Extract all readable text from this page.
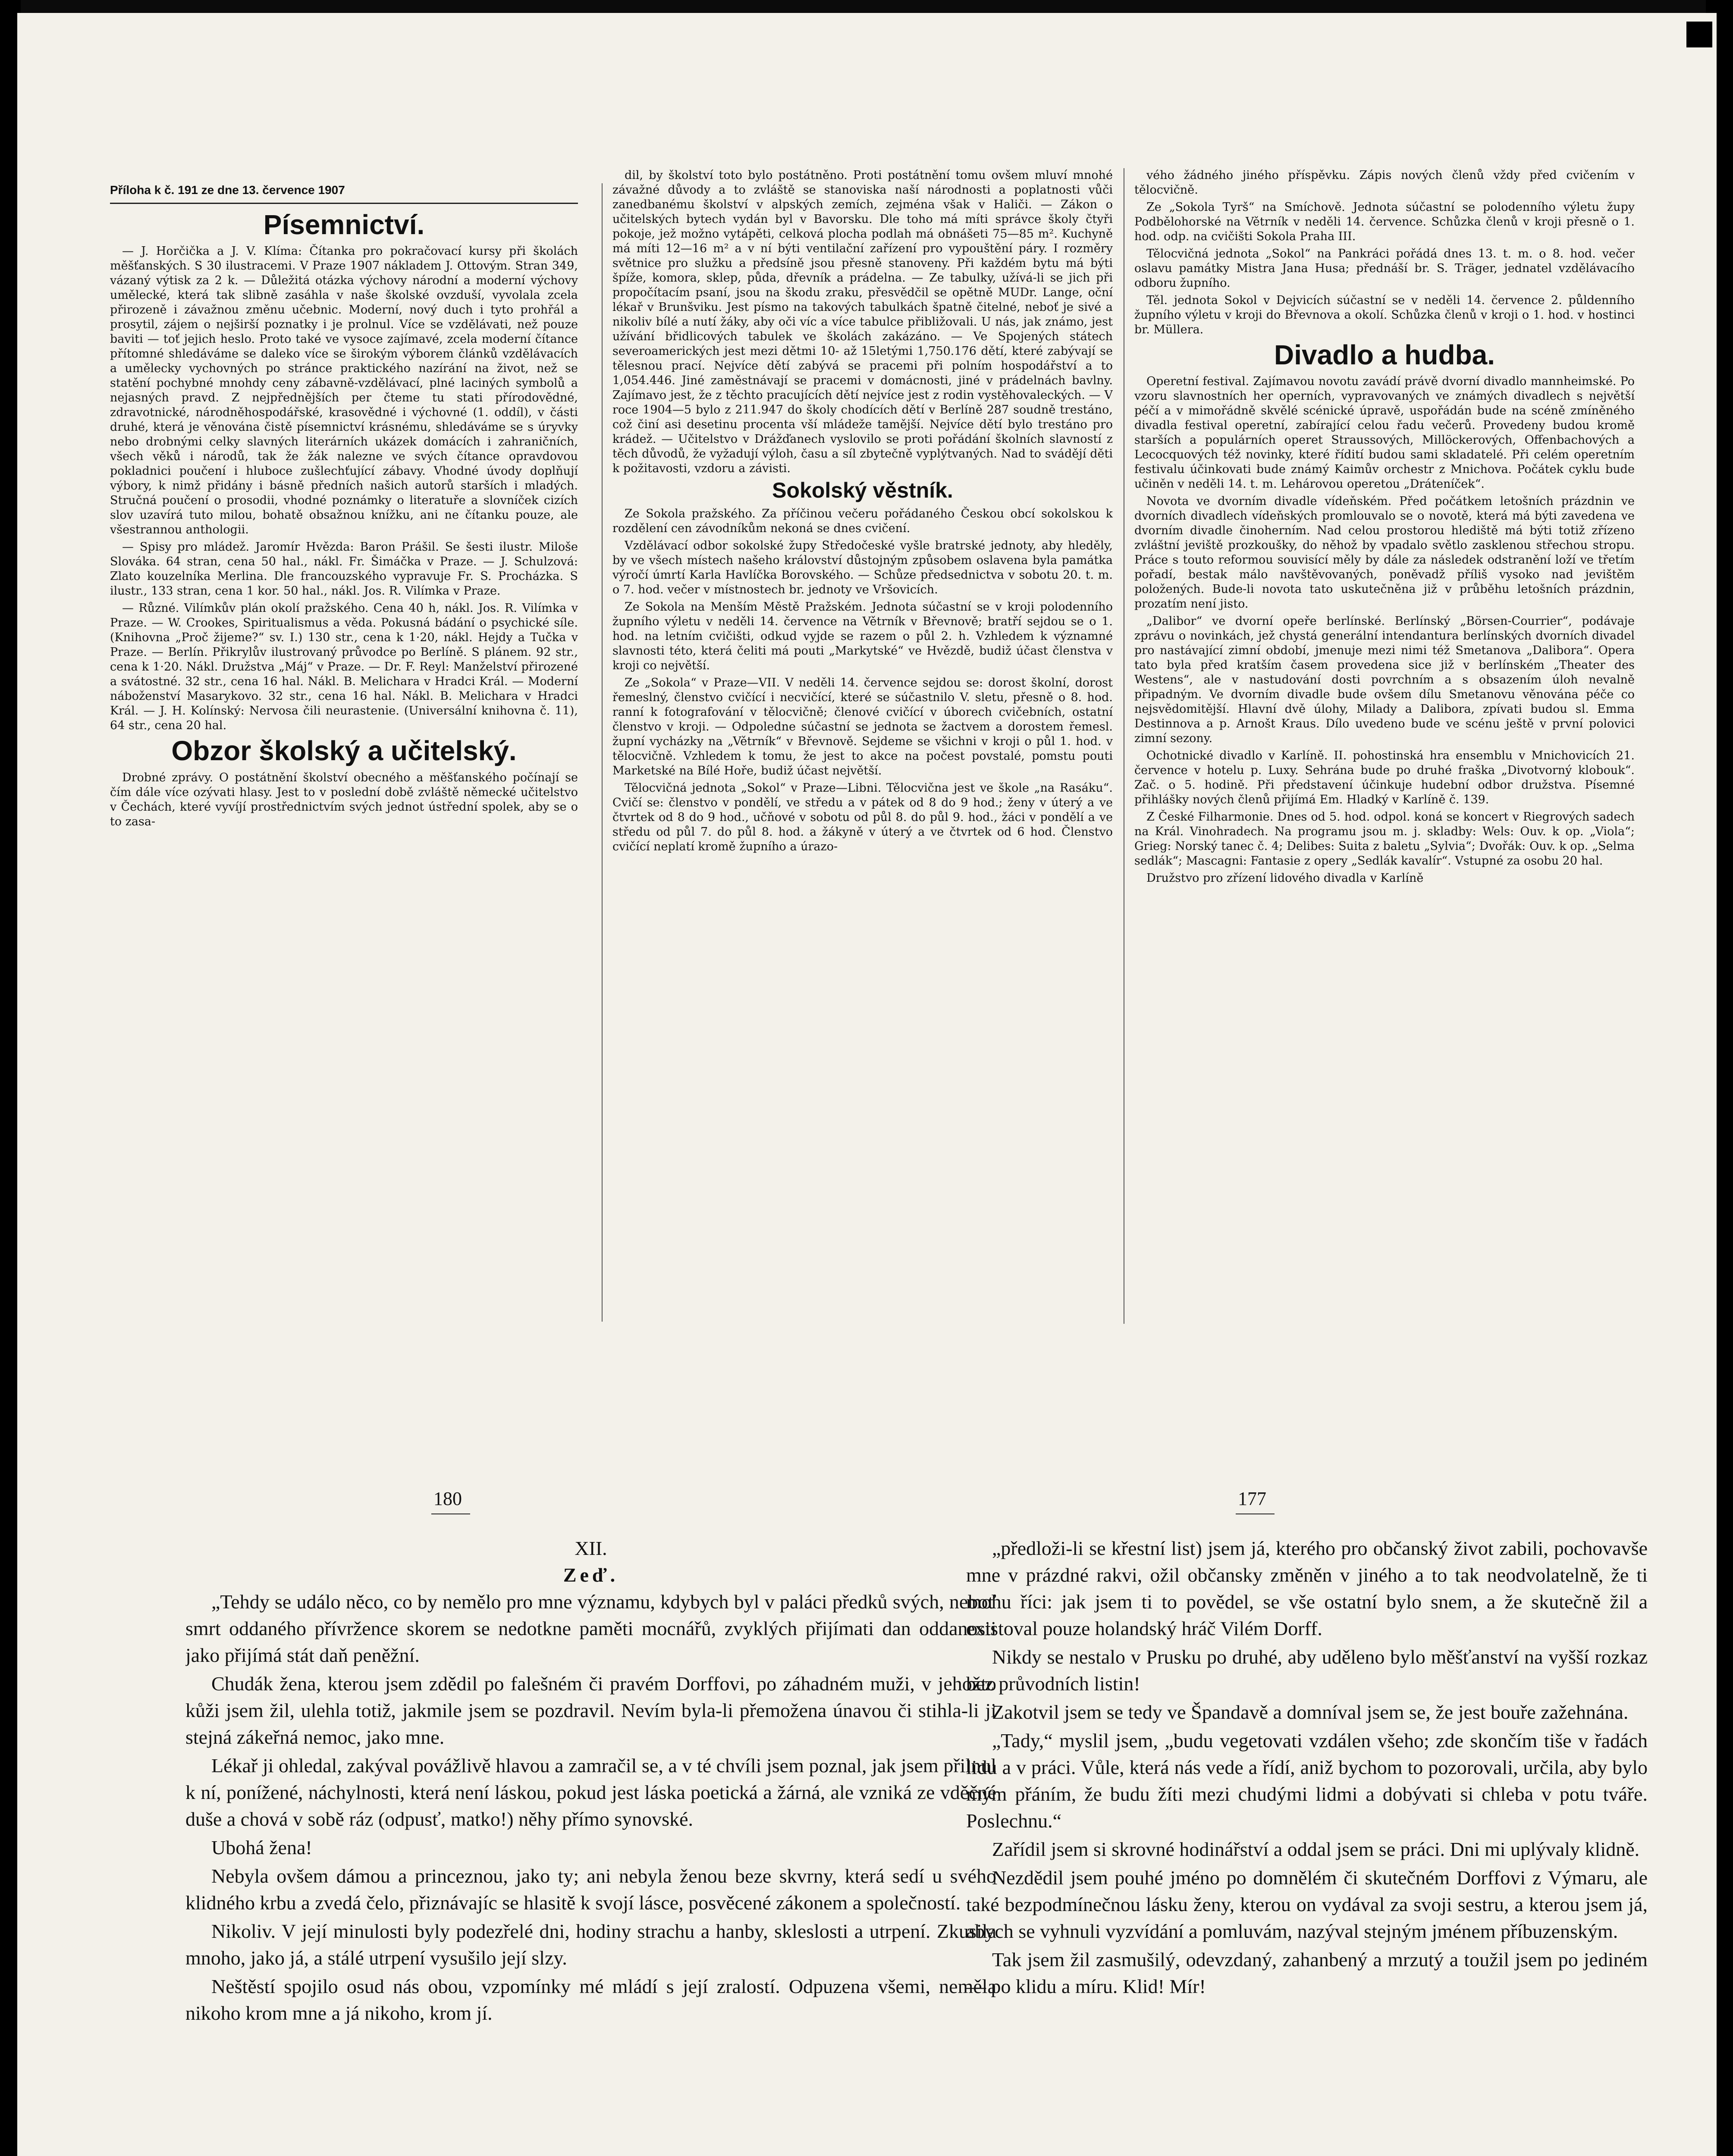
Příloha k č. 191 ze dne 13. července 1907
Písemnictví.

— J. Horčička a J. V. Klíma: Čítanka pro pokračovací kursy při školách měšťanských. S 30 ilustracemi. V Praze 1907 nákladem J. Ottovým. Stran 349, vázaný výtisk za 2 k. — Důležitá otázka výchovy národní a moderní výchovy umělecké, která tak slibně zasáhla v naše školské ovzduší, vyvolala zcela přirozeně i závažnou změnu učebnic. Moderní, nový duch i tyto prohřál a prosytil, zájem o nejširší poznatky i je prolnul. Více se vzdělávati, než pouze baviti — toť jejich heslo. Proto také ve vysoce zajímavé, zcela moderní čítance přítomné shledáváme se daleko více se širokým výborem článků vzdělávacích a umělecky vychovných po stránce praktického nazírání na život, než se statění pochybné mnohdy ceny zábavně-vzdělávací, plné laciných symbolů a nejasných pravd. Z nejpřednějších per čteme tu stati přírodovědné, zdravotnické, národněhospodářské, krasovědné i výchovné (1. oddíl), v části druhé, která je věnována čistě písemnictví krásnému, shledáváme se s úryvky nebo drobnými celky slavných literárních ukázek domácích i zahraničních, všech věků i národů, tak že žák nalezne ve svých čítance opravdovou pokladnici poučení i hluboce zušlechťující zábavy. Vhodné úvody doplňují výbory, k nimž přidány i básně předních našich autorů starších i mladých. Stručná poučení o prosodii, vhodné poznámky o literatuře a slovníček cizích slov uzavírá tuto milou, bohatě obsažnou knížku, ani ne čítanku pouze, ale všestrannou anthologii.

— Spisy pro mládež. Jaromír Hvězda: Baron Prášil. Se šesti ilustr. Miloše Slováka. 64 stran, cena 50 hal., nákl. Fr. Šimáčka v Praze. — J. Schulzová: Zlato kouzelníka Merlina. Dle francouzského vypravuje Fr. S. Procházka. S ilustr., 133 stran, cena 1 kor. 50 hal., nákl. Jos. R. Vilímka v Praze.

— Různé. Vilímkův plán okolí pražského. Cena 40 h, nákl. Jos. R. Vilímka v Praze. — W. Crookes, Spiritualismus a věda. Pokusná bádání o psychické síle. (Knihovna „Proč žijeme?“ sv. I.) 130 str., cena k 1·20, nákl. Hejdy a Tučka v Praze. — Berlín. Přikrylův ilustrovaný průvodce po Berlíně. S plánem. 92 str., cena k 1·20. Nákl. Družstva „Máj“ v Praze. — Dr. F. Reyl: Manželství přirozené a svátostné. 32 str., cena 16 hal. Nákl. B. Melichara v Hradci Král. — Moderní náboženství Masarykovo. 32 str., cena 16 hal. Nákl. B. Melichara v Hradci Král. — J. H. Kolínský: Nervosa čili neurastenie. (Universální knihovna č. 11), 64 str., cena 20 hal.

Obzor školský a učitelský.

Drobné zprávy. O postátnění školství obecného a měšťanského počínají se čím dále více ozývati hlasy. Jest to v poslední době zvláště německé učitelstvo v Čechách, které vyvíjí prostřednictvím svých jednot ústřední spolek, aby se o to zasa-

dil, by školství toto bylo postátněno. Proti postátnění tomu ovšem mluví mnohé závažné důvody a to zvláště se stanoviska naší národnosti a poplatnosti vůči zanedbanému školství v alpských zemích, zejména však v Haliči. — Zákon o učitelských bytech vydán byl v Bavorsku. Dle toho má míti správce školy čtyři pokoje, jež možno vytápěti, celková plocha podlah má obnášeti 75—85 m². Kuchyně má míti 12—16 m² a v ní býti ventilační zařízení pro vypouštění páry. I rozměry světnice pro služku a předsíně jsou přesně stanoveny. Při každém bytu má býti špíže, komora, sklep, půda, dřevník a prádelna. — Ze tabulky, užívá-li se jich při propočítacím psaní, jsou na škodu zraku, přesvědčil se opětně MUDr. Lange, oční lékař v Brunšviku. Jest písmo na takových tabulkách špatně čitelné, neboť je sivé a nikoliv bílé a nutí žáky, aby oči víc a více tabulce přibližovali. U nás, jak známo, jest užívání břidlicových tabulek ve školách zakázáno. — Ve Spojených státech severoamerických jest mezi dětmi 10- až 15letými 1,750.176 dětí, které zabývají se tělesnou prací. Nejvíce dětí zabývá se pracemi při polním hospodářství a to 1,054.446. Jiné zaměstnávají se pracemi v domácnosti, jiné v prádelnách bavlny. Zajímavo jest, že z těchto pracujících dětí nejvíce jest z rodin vystěhovaleckých. — V roce 1904—5 bylo z 211.947 do školy chodících dětí v Berlíně 287 soudně trestáno, což činí asi desetinu procenta vší mládeže tamější. Nejvíce dětí bylo trestáno pro krádež. — Učitelstvo v Drážďanech vyslovilo se proti pořádání školních slavností z těch důvodů, že vyžadují výloh, času a síl zbytečně vyplýtvaných. Nad to svádějí děti k požitavosti, vzdoru a závisti.

Sokolský věstník.

Ze Sokola pražského. Za příčinou večeru pořádaného Českou obcí sokolskou k rozdělení cen závodníkům nekoná se dnes cvičení.

Vzdělávací odbor sokolské župy Středočeské vyšle bratrské jednoty, aby hleděly, by ve všech místech našeho království důstojným způsobem oslavena byla památka výročí úmrtí Karla Havlíčka Borovského. — Schůze předsednictva v sobotu 20. t. m. o 7. hod. večer v místnostech br. jednoty ve Vršovicích.

Ze Sokola na Menším Městě Pražském. Jednota súčastní se v kroji polodenního župního výletu v neděli 14. července na Větrník v Břevnově; bratří sejdou se o 1. hod. na letním cvičišti, odkud vyjde se razem o půl 2. h. Vzhledem k významné slavnosti této, která čeliti má pouti „Markytské“ ve Hvězdě, budiž účast členstva v kroji co největší.

Ze „Sokola“ v Praze—VII. V neděli 14. července sejdou se: dorost školní, dorost řemeslný, členstvo cvičící i necvičící, které se súčastnilo V. sletu, přesně o 8. hod. ranní k fotografování v tělocvičně; členové cvičící v úborech cvičebních, ostatní členstvo v kroji. — Odpoledne súčastní se jednota se žactvem a dorostem řemesl. župní vycházky na „Větrník“ v Břevnově. Sejdeme se všichni v kroji o půl 1. hod. v tělocvičně. Vzhledem k tomu, že jest to akce na počest povstalé, pomstu pouti Marketské na Bílé Hoře, budiž účast největší.

Tělocvičná jednota „Sokol“ v Praze—Libni. Tělocvična jest ve škole „na Rasáku“. Cvičí se: členstvo v pondělí, ve středu a v pátek od 8 do 9 hod.; ženy v úterý a ve čtvrtek od 8 do 9 hod., učňové v sobotu od půl 8. do půl 9. hod., žáci v pondělí a ve středu od půl 7. do půl 8. hod. a žákyně v úterý a ve čtvrtek od 6 hod. Členstvo cvičící neplatí kromě župního a úrazo-

vého žádného jiného příspěvku. Zápis nových členů vždy před cvičením v tělocvičně.

Ze „Sokola Tyrš“ na Smíchově. Jednota súčastní se polodenního výletu župy Podbělohorské na Větrník v neděli 14. července. Schůzka členů v kroji přesně o 1. hod. odp. na cvičišti Sokola Praha III.

Tělocvičná jednota „Sokol“ na Pankráci pořádá dnes 13. t. m. o 8. hod. večer oslavu památky Mistra Jana Husa; přednáší br. S. Träger, jednatel vzdělávacího odboru župního.

Těl. jednota Sokol v Dejvicích súčastní se v neděli 14. července 2. půldenního župního výletu v kroji do Břevnova a okolí. Schůzka členů v kroji o 1. hod. v hostinci br. Müllera.

Divadlo a hudba.

Operetní festival. Zajímavou novotu zavádí právě dvorní divadlo mannheimské. Po vzoru slavnostních her operních, vypravovaných ve známých divadlech s největší péčí a v mimořádně skvělé scénické úpravě, uspořádán bude na scéně zmíněného divadla festival operetní, zabírající celou řadu večerů. Provedeny budou kromě starších a populárních operet Straussových, Millöckerových, Offenbachových a Lecocquových též novinky, které řídití budou sami skladatelé. Při celém operetním festivalu účinkovati bude známý Kaimův orchestr z Mnichova. Počátek cyklu bude učiněn v neděli 14. t. m. Lehárovou operetou „Dráteníček“.

Novota ve dvorním divadle vídeňském. Před počátkem letošních prázdnin ve dvorních divadlech vídeňských promlouvalo se o novotě, která má býti zavedena ve dvorním divadle činoherním. Nad celou prostorou hlediště má býti totiž zřízeno zvláštní jeviště prozkoušky, do něhož by vpadalo světlo zasklenou střechou stropu. Práce s touto reformou souvisící měly by dále za následek odstranění loží ve třetím pořadí, bestak málo navštěvovaných, poněvadž příliš vysoko nad jevištěm položených. Bude-li novota tato uskutečněna již v průběhu letošních prázdnin, prozatím není jisto.

„Dalibor“ ve dvorní opeře berlínské. Berlínský „Börsen-Courrier“, podávaje zprávu o novinkách, jež chystá generální intendantura berlínských dvorních divadel pro nastávající zimní období, jmenuje mezi nimi též Smetanova „Dalibora“. Opera tato byla před kratším časem provedena sice již v berlínském „Theater des Westens“, ale v nastudování dosti povrchním a s obsazením úloh nevalně připadným. Ve dvorním divadle bude ovšem dílu Smetanovu věnována péče co nejsvědomitější. Hlavní dvě úlohy, Milady a Dalibora, zpívati budou sl. Emma Destinnova a p. Arnošt Kraus. Dílo uvedeno bude ve scénu ještě v první polovici zimní sezony.

Ochotnické divadlo v Karlíně. II. pohostinská hra ensemblu v Mnichovicích 21. července v hotelu p. Luxy. Sehrána bude po druhé fraška „Divotvorný klobouk“. Zač. o 5. hodině. Při představení účinkuje hudební odbor družstva. Písemné přihlášky nových členů přijímá Em. Hladký v Karlíně č. 139.

Z České Filharmonie. Dnes od 5. hod. odpol. koná se koncert v Riegrových sadech na Král. Vinohradech. Na programu jsou m. j. skladby: Wels: Ouv. k op. „Viola“; Grieg: Norský tanec č. 4; Delibes: Suita z baletu „Sylvia“; Dvořák: Ouv. k op. „Selma sedlák“; Mascagni: Fantasie z opery „Sedlák kavalír“. Vstupné za osobu 20 hal.

Družstvo pro zřízení lidového divadla v Karlíně

180

XII.

Zeď.

„Tehdy se událo něco, co by nemělo pro mne významu, kdybych byl v paláci předků svých, neboť smrt oddaného přívržence skorem se nedotkne paměti mocnářů, zvyklých přijímati dan oddanosti jako přijímá stát daň peněžní.

Chudák žena, kterou jsem zdědil po falešném či pravém Dorffovi, po záhadném muži, v jehožto kůži jsem žil, ulehla totiž, jakmile jsem se pozdravil. Nevím byla-li přemožena únavou či stihla-li ji stejná zákeřná nemoc, jako mne.

Lékař ji ohledal, zakýval povážlivě hlavou a zamračil se, a v té chvíli jsem poznal, jak jsem přilnul k ní, ponížené, náchylnosti, která není láskou, pokud jest láska poetická a žárná, ale vzniká ze vděčné duše a chová v sobě ráz (odpusť, matko!) něhy přímo synovské.

Ubohá žena!

Nebyla ovšem dámou a princeznou, jako ty; ani nebyla ženou beze skvrny, která sedí u svého klidného krbu a zvedá čelo, přiznávajíc se hlasitě k svojí lásce, posvěcené zákonem a společností.

Nikoliv. V její minulosti byly podezřelé dni, hodiny strachu a hanby, skleslosti a utrpení. Zkusila mnoho, jako já, a stálé utrpení vysušilo její slzy.

Neštěstí spojilo osud nás obou, vzpomínky mé mládí s její zralostí. Odpuzena všemi, neměla nikoho krom mne a já nikoho, krom jí.

177

„předloži-li se křestní list) jsem já, kterého pro občanský život zabili, pochovavše mne v prázdné rakvi, ožil občansky změněn v jiného a to tak neodvolatelně, že ti mohu říci: jak jsem ti to povědel, se vše ostatní bylo snem, a že skutečně žil a existoval pouze holandský hráč Vilém Dorff.

Nikdy se nestalo v Prusku po druhé, aby uděleno bylo měšťanství na vyšší rozkaz bez průvodních listin!

Zakotvil jsem se tedy ve Špandavě a domníval jsem se, že jest bouře zažehnána.

„Tady,“ myslil jsem, „budu vegetovati vzdálen všeho; zde skončím tiše v řadách lidu a v práci. Vůle, která nás vede a řídí, aniž bychom to pozorovali, určila, aby bylo mým přáním, že budu žíti mezi chudými lidmi a dobývati si chleba v potu tváře. Poslechnu.“

Zařídil jsem si skrovné hodinářství a oddal jsem se práci. Dni mi uplývaly klidně.

Nezdědil jsem pouhé jméno po domnělém či skutečném Dorffovi z Výmaru, ale také bezpodmínečnou lásku ženy, kterou on vydával za svoji sestru, a kterou jsem já, abych se vyhnuli vyzvídání a pomluvám, nazýval stejným jménem příbuzenským.

Tak jsem žil zasmušilý, odevzdaný, zahanbený a mrzutý a toužil jsem po jediném — po klidu a míru. Klid! Mír!
